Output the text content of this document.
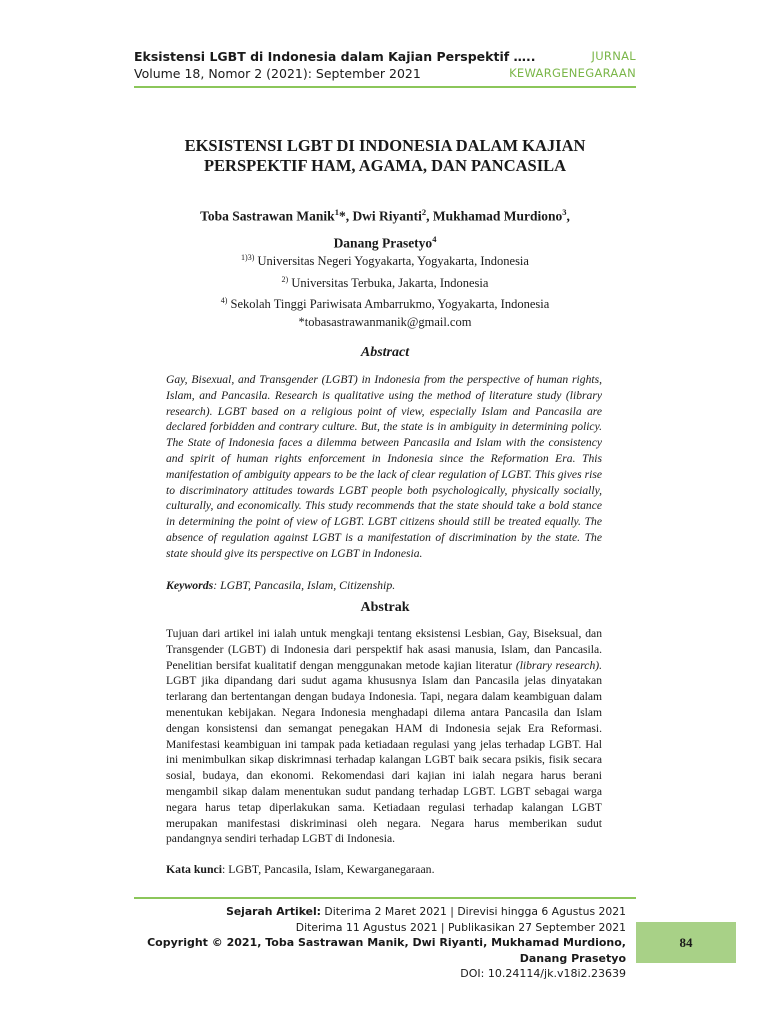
Eksistensi LGBT di Indonesia dalam Kajian Perspektif …..
Volume 18, Nomor 2 (2021): September 2021
JURNAL
KEWARGENEGARAAN
EKSISTENSI LGBT DI INDONESIA DALAM KAJIAN
PERSPEKTIF HAM, AGAMA, DAN PANCASILA
Toba Sastrawan Manik$^1$*, Dwi Riyanti$^2$, Mukhamad Murdiono$^3$,
Danang Prasetyo$^4$
$^{1)3)}$ Universitas Negeri Yogyakarta, Yogyakarta, Indonesia
$^{2)}$ Universitas Terbuka, Jakarta, Indonesia
$^{4)}$ Sekolah Tinggi Pariwisata Ambarrukmo, Yogyakarta, Indonesia
*tobasastrawanmanik@gmail.com
Abstract
Gay, Bisexual, and Transgender (LGBT) in Indonesia from the perspective of human rights, Islam, and Pancasila. Research is qualitative using the method of literature study (library research). LGBT based on a religious point of view, especially Islam and Pancasila are declared forbidden and contrary culture. But, the state is in ambiguity in determining policy. The State of Indonesia faces a dilemma between Pancasila and Islam with the consistency and spirit of human rights enforcement in Indonesia since the Reformation Era. This manifestation of ambiguity appears to be the lack of clear regulation of LGBT. This gives rise to discriminatory attitudes towards LGBT people both psychologically, physically socially, culturally, and economically. This study recommends that the state should take a bold stance in determining the point of view of LGBT. LGBT citizens should still be treated equally. The absence of regulation against LGBT is a manifestation of discrimination by the state. The state should give its perspective on LGBT in Indonesia.
Keywords: LGBT, Pancasila, Islam, Citizenship.
Abstrak
Tujuan dari artikel ini ialah untuk mengkaji tentang eksistensi Lesbian, Gay, Biseksual, dan Transgender (LGBT) di Indonesia dari perspektif hak asasi manusia, Islam, dan Pancasila. Penelitian bersifat kualitatif dengan menggunakan metode kajian literatur (library research). LGBT jika dipandang dari sudut agama khususnya Islam dan Pancasila jelas dinyatakan terlarang dan bertentangan dengan budaya Indonesia. Tapi, negara dalam keambiguan dalam menentukan kebijakan. Negara Indonesia menghadapi dilema antara Pancasila dan Islam dengan konsistensi dan semangat penegakan HAM di Indonesia sejak Era Reformasi. Manifestasi keambiguan ini tampak pada ketiadaan regulasi yang jelas terhadap LGBT. Hal ini menimbulkan sikap diskrimnasi terhadap kalangan LGBT baik secara psikis, fisik secara sosial, budaya, dan ekonomi. Rekomendasi dari kajian ini ialah negara harus berani mengambil sikap dalam menentukan sudut pandang terhadap LGBT. LGBT sebagai warga negara harus tetap diperlakukan sama. Ketiadaan regulasi terhadap kalangan LGBT merupakan manifestasi diskriminasi oleh negara. Negara harus memberikan sudut pandangnya sendiri terhadap LGBT di Indonesia.
Kata kunci: LGBT, Pancasila, Islam, Kewarganegaraan.
Sejarah Artikel: Diterima 2 Maret 2021 | Direvisi hingga 6 Agustus 2021
Diterima 11 Agustus 2021 | Publikasikan 27 September 2021
Copyright © 2021, Toba Sastrawan Manik, Dwi Riyanti, Mukhamad Murdiono,
Danang Prasetyo
DOI: 10.24114/jk.v18i2.23639
84
